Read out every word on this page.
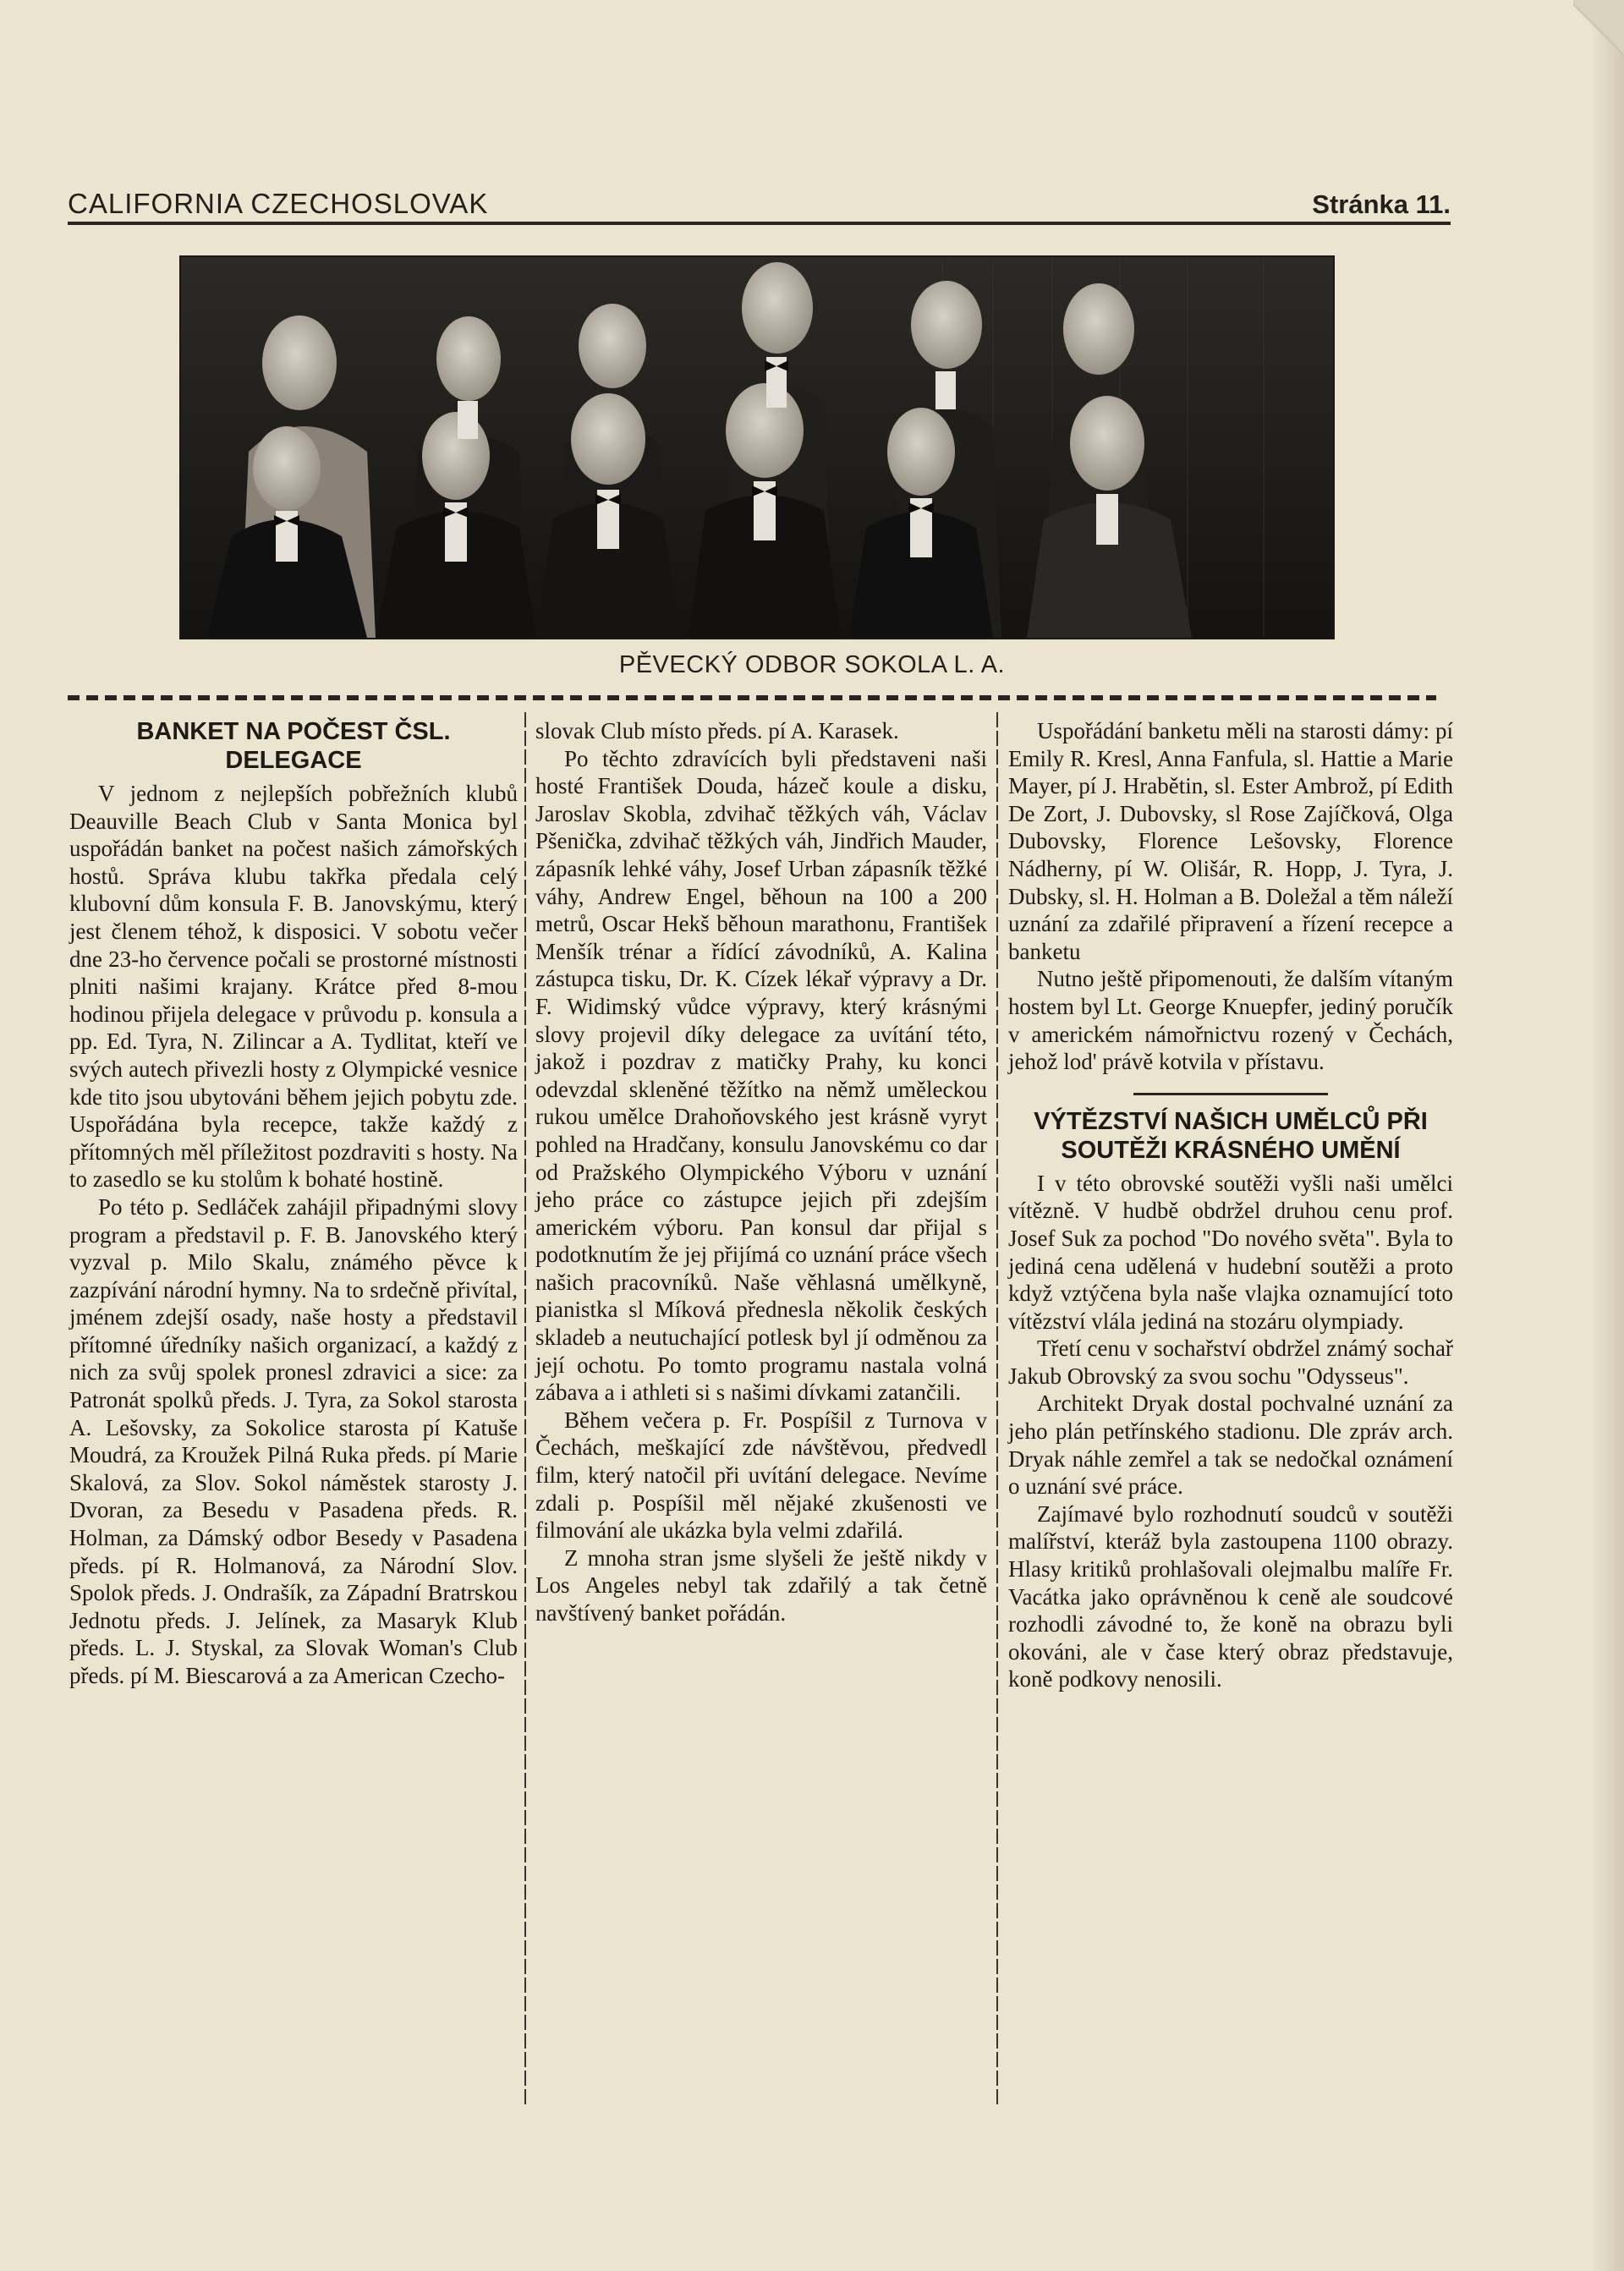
CALIFORNIA CZECHOSLOVAK	Stránka 11.
PĚVECKÝ ODBOR SOKOLA L. A.
BANKET NA POČEST ČSL. DELEGACE

V jednom z nejlepších pobřežních klubů Deauville Beach Club v Santa Monica byl uspořádán banket na počest našich zámořských hostů. Správa klubu takřka předala celý klubovní dům konsula F. B. Janovskýmu, který jest členem téhož, k disposici. V sobotu večer dne 23-ho července počali se prostorné místnosti plniti našimi krajany. Krátce před 8-mou hodinou přijela delegace v průvodu p. konsula a pp. Ed. Tyra, N. Zilincar a A. Tydlitat, kteří ve svých autech přivezli hosty z Olympické vesnice kde tito jsou ubytováni během jejich pobytu zde. Uspořádána byla recepce, takže každý z přítomných měl příležitost pozdraviti s hosty. Na to zasedlo se ku stolům k bohaté hostině.

Po této p. Sedláček zahájil připadnými slovy program a představil p. F. B. Janovského který vyzval p. Milo Skalu, známého pěvce k zazpívání národní hymny. Na to srdečně přivítal, jménem zdejší osady, naše hosty a představil přítomné úředníky našich organizací, a každý z nich za svůj spolek pronesl zdravici a sice: za Patronát spolků předs. J. Tyra, za Sokol starosta A. Lešovsky, za Sokolice starosta pí Katuše Moudrá, za Kroužek Pilná Ruka předs. pí Marie Skalová, za Slov. Sokol náměstek starosty J. Dvoran, za Besedu v Pasadena předs. R. Holman, za Dámský odbor Besedy v Pasadena předs. pí R. Holmanová, za Národní Slov. Spolok předs. J. Ondrašík, za Západní Bratrskou Jednotu předs. J. Jelínek, za Masaryk Klub předs. L. J. Styskal, za Slovak Woman's Club předs. pí M. Biescarová a za American Czecho-

slovak Club místo předs. pí A. Karasek.

Po těchto zdravících byli představeni naši hosté František Douda, házeč koule a disku, Jaroslav Skobla, zdvihač těžkých váh, Václav Pšenička, zdvihač těžkých váh, Jindřich Mauder, zápasník lehké váhy, Josef Urban zápasník těžké váhy, Andrew Engel, běhoun na 100 a 200 metrů, Oscar Hekš běhoun marathonu, František Menšík trénar a řídící závodníků, A. Kalina zástupca tisku, Dr. K. Cízek lékař výpravy a Dr. F. Widimský vůdce výpravy, který krásnými slovy projevil díky delegace za uvítání této, jakož i pozdrav z matičky Prahy, ku konci odevzdal skleněné těžítko na němž uměleckou rukou umělce Drahoňovského jest krásně vyryt pohled na Hradčany, konsulu Janovskému co dar od Pražského Olympického Výboru v uznání jeho práce co zástupce jejich při zdejším americkém výboru. Pan konsul dar přijal s podotknutím že jej přijímá co uznání práce všech našich pracovníků. Naše věhlasná umělkyně, pianistka sl Míková přednesla několik českých skladeb a neutuchající potlesk byl jí odměnou za její ochotu. Po tomto programu nastala volná zábava a i athleti si s našimi dívkami zatančili.

Během večera p. Fr. Pospíšil z Turnova v Čechách, meškající zde návštěvou, předvedl film, který natočil při uvítání delegace. Nevíme zdali p. Pospíšil měl nějaké zkušenosti ve filmování ale ukázka byla velmi zdařilá.

Z mnoha stran jsme slyšeli že ještě nikdy v Los Angeles nebyl tak zdařilý a tak četně navštívený banket pořádán.

Uspořádání banketu měli na starosti dámy: pí Emily R. Kresl, Anna Fanfula, sl. Hattie a Marie Mayer, pí J. Hrabětin, sl. Ester Ambrož, pí Edith De Zort, J. Dubovsky, sl Rose Zajíčková, Olga Dubovsky, Florence Lešovsky, Florence Nádherny, pí W. Olišár, R. Hopp, J. Tyra, J. Dubsky, sl. H. Holman a B. Doležal a těm náleží uznání za zdařilé připravení a řízení recepce a banketu

Nutno ještě připomenouti, že dalším vítaným hostem byl Lt. George Knuepfer, jediný poručík v americkém námořnictvu rozený v Čechách, jehož lod' právě kotvila v přístavu.

VÝTĚZSTVÍ NAŠICH UMĚLCŮ PŘI SOUTĚŽI KRÁSNÉHO UMĚNÍ

I v této obrovské soutěži vyšli naši umělci vítězně. V hudbě obdržel druhou cenu prof. Josef Suk za pochod "Do nového světa". Byla to jediná cena udělená v hudební soutěži a proto když vztýčena byla naše vlajka oznamující toto vítězství vlála jediná na stozáru olympiady.

Třetí cenu v sochařství obdržel známý sochař Jakub Obrovský za svou sochu "Odysseus".

Architekt Dryak dostal pochvalné uznání za jeho plán petřínského stadionu. Dle zpráv arch. Dryak náhle zemřel a tak se nedočkal oznámení o uznání své práce.

Zajímavé bylo rozhodnutí soudců v soutěži malířství, kteráž byla zastoupena 1100 obrazy. Hlasy kritiků prohlašovali olejmalbu malíře Fr. Vacátka jako oprávněnou k ceně ale soudcové rozhodli závodné to, že koně na obrazu byli okováni, ale v čase který obraz představuje, koně podkovy nenosili.
